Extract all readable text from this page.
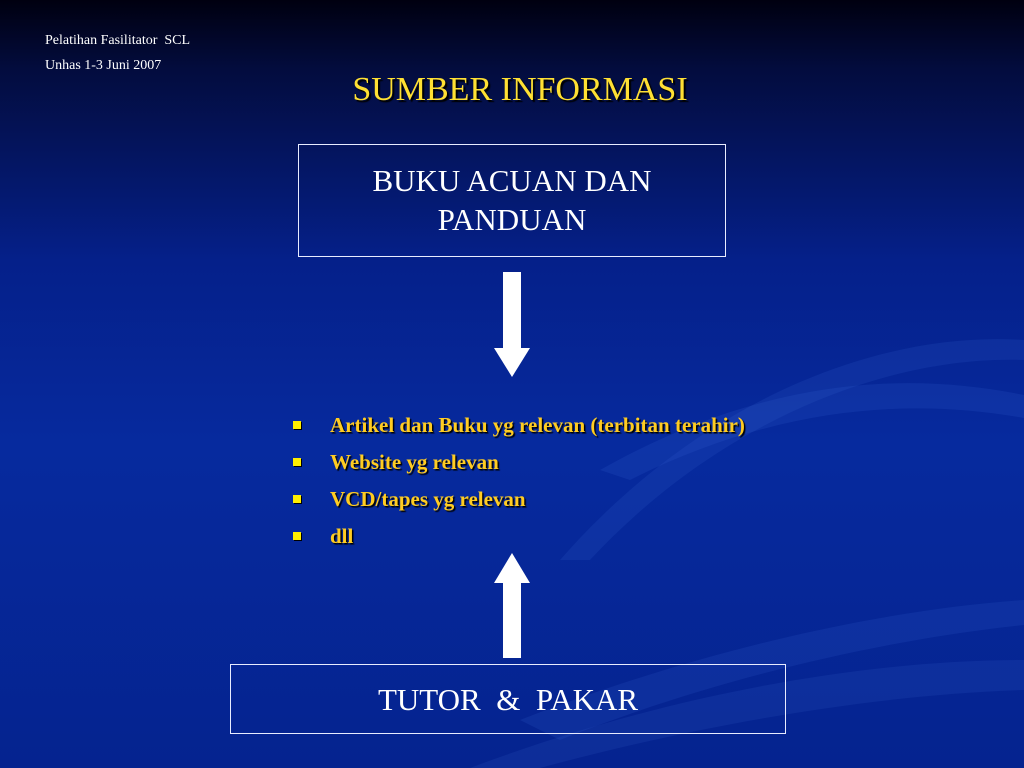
Pelatihan Fasilitator  SCL
Unhas 1-3 Juni 2007
SUMBER INFORMASI
BUKU ACUAN DAN
PANDUAN
Artikel dan Buku yg relevan (terbitan terahir)
Website yg relevan
VCD/tapes yg relevan
dll
TUTOR  &  PAKAR
